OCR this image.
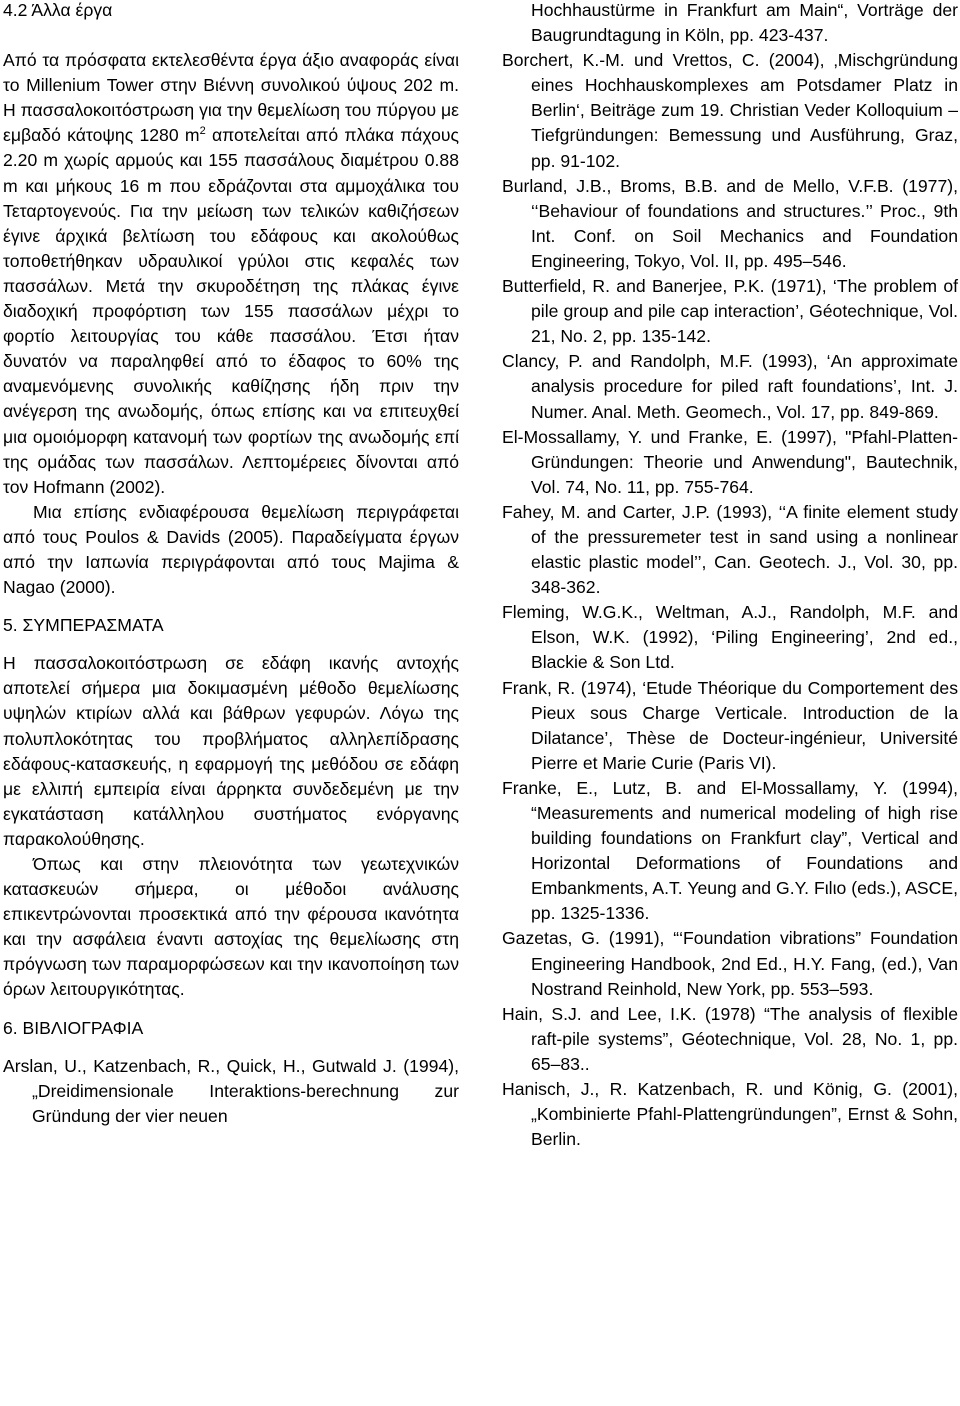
4.2 Άλλα έργα

Από τα πρόσφατα εκτελεσθέντα έργα άξιο αναφοράς είναι το Millenium Tower στην Βιέννη συνολικού ύψους 202 m. Η πασσαλοκοιτόστρωση για την θεμελίωση του πύργου με εμβαδό κάτοψης 1280 $m^2$ αποτελείται από πλάκα πάχους 2.20 m χωρίς αρμούς και 155 πασσάλους διαμέτρου 0.88 m και μήκους 16 m που εδράζονται στα αμμοχάλικα του Τεταρτογενούς. Για την μείωση των τελικών καθιζήσεων έγινε άρχικά βελτίωση του εδάφους και ακολούθως τοποθετήθηκαν υδραυλικοί γρύλοι στις κεφαλές των πασσάλων. Μετά την σκυροδέτηση της πλάκας έγινε διαδοχική προφόρτιση των 155 πασσάλων μέχρι το φορτίο λειτουργίας του κάθε πασσάλου. Έτσι ήταν δυνατόν να παραληφθεί από το έδαφος το 60% της αναμενόμενης συνολικής καθίζησης ήδη πριν την ανέγερση της ανωδομής, όπως επίσης και να επιτευχθεί μια ομοιόμορφη κατανομή των φορτίων της ανωδομής επί της ομάδας των πασσάλων. Λεπτομέρειες δίνονται από τον Hofmann (2002).

Μια επίσης ενδιαφέρουσα θεμελίωση περιγράφεται από τους Poulos & Davids (2005). Παραδείγματα έργων από την Ιαπωνία περιγράφονται από τους Majima & Nagao (2000).

5. ΣΥΜΠΕΡΑΣΜΑΤΑ

Η πασσαλοκοιτόστρωση σε εδάφη ικανής αντοχής αποτελεί σήμερα μια δοκιμασμένη μέθοδο θεμελίωσης υψηλών κτιρίων αλλά και βάθρων γεφυρών. Λόγω της πολυπλοκότητας του προβλήματος αλληλεπίδρασης εδάφους-κατασκευής, η εφαρμογή της μεθόδου σε εδάφη με ελλιπή εμπειρία είναι άρρηκτα συνδεδεμένη με την εγκατάσταση κατάλληλου συστήματος ενόργανης παρακολούθησης.

Όπως και στην πλειονότητα των γεωτεχνικών κατασκευών σήμερα, οι μέθοδοι ανάλυσης επικεντρώνονται προσεκτικά από την φέρουσα ικανότητα και την ασφάλεια έναντι αστοχίας της θεμελίωσης στη πρόγνωση των παραμορφώσεων και την ικανοποίηση των όρων λειτουργικότητας.

6. ΒΙΒΛΙΟΓΡΑΦΙΑ

Arslan, U., Katzenbach, R., Quick, H., Gutwald J. (1994), „Dreidimensionale Interaktions-berechnung zur Gründung der vier neuen

Hochhaustürme in Frankfurt am Main“, Vorträge der Baugrundtagung in Köln, pp. 423-437.

Borchert, K.-M. und Vrettos, C. (2004), ‚Mischgründung eines Hochhauskomplexes am Potsdamer Platz in Berlin‘, Beiträge zum 19. Christian Veder Kolloquium – Tiefgründungen: Bemessung und Ausführung, Graz, pp. 91-102.

Burland, J.B., Broms, B.B. and de Mello, V.F.B. (1977), ‘‘Behaviour of foundations and structures.’’ Proc., 9th Int. Conf. on Soil Mechanics and Foundation Engineering, Tokyo, Vol. II, pp. 495–546.

Butterfield, R. and Banerjee, P.K. (1971), ‘The problem of pile group and pile cap interaction’, Géotechnique, Vol. 21, No. 2, pp. 135-142.

Clancy, P. and Randolph, M.F. (1993), ‘An approximate analysis procedure for piled raft foundations’, Int. J. Numer. Anal. Meth. Geomech., Vol. 17, pp. 849-869.

El-Mossallamy, Y. und Franke, E. (1997), "Pfahl-Platten-Gründungen: Theorie und Anwendung", Bautechnik, Vol. 74, No. 11, pp. 755-764.

Fahey, M. and Carter, J.P. (1993), ‘‘A finite element study of the pressuremeter test in sand using a nonlinear elastic plastic model’’, Can. Geotech. J., Vol. 30, pp. 348-362.

Fleming, W.G.K., Weltman, A.J., Randolph, M.F. and Elson, W.K. (1992), ‘Piling Engineering’, 2nd ed., Blackie & Son Ltd.

Frank, R. (1974), ‘Etude Théorique du Comportement des Pieux sous Charge Verticale. Introduction de la Dilatance’, Thèse de Docteur-ingénieur, Université Pierre et Marie Curie (Paris VI).

Franke, E., Lutz, B. and El-Mossallamy, Y. (1994), “Measurements and numerical modeling of high rise building foundations on Frankfurt clay”, Vertical and Horizontal Deformations of Foundations and Embankments, A.T. Yeung and G.Y. Fιlιo (eds.), ASCE, pp. 1325-1336.

Gazetas, G. (1991), “‘Foundation vibrations” Foundation Engineering Handbook, 2nd Ed., H.Y. Fang, (ed.), Van Nostrand Reinhold, New York, pp. 553–593.

Hain, S.J. and Lee, I.K. (1978) “The analysis of flexible raft-pile systems”, Géotechnique, Vol. 28, No. 1, pp. 65–83..

Hanisch, J., R. Katzenbach, R. und König, G. (2001), „Kombinierte Pfahl-Plattengründungen”, Ernst & Sohn, Berlin.
